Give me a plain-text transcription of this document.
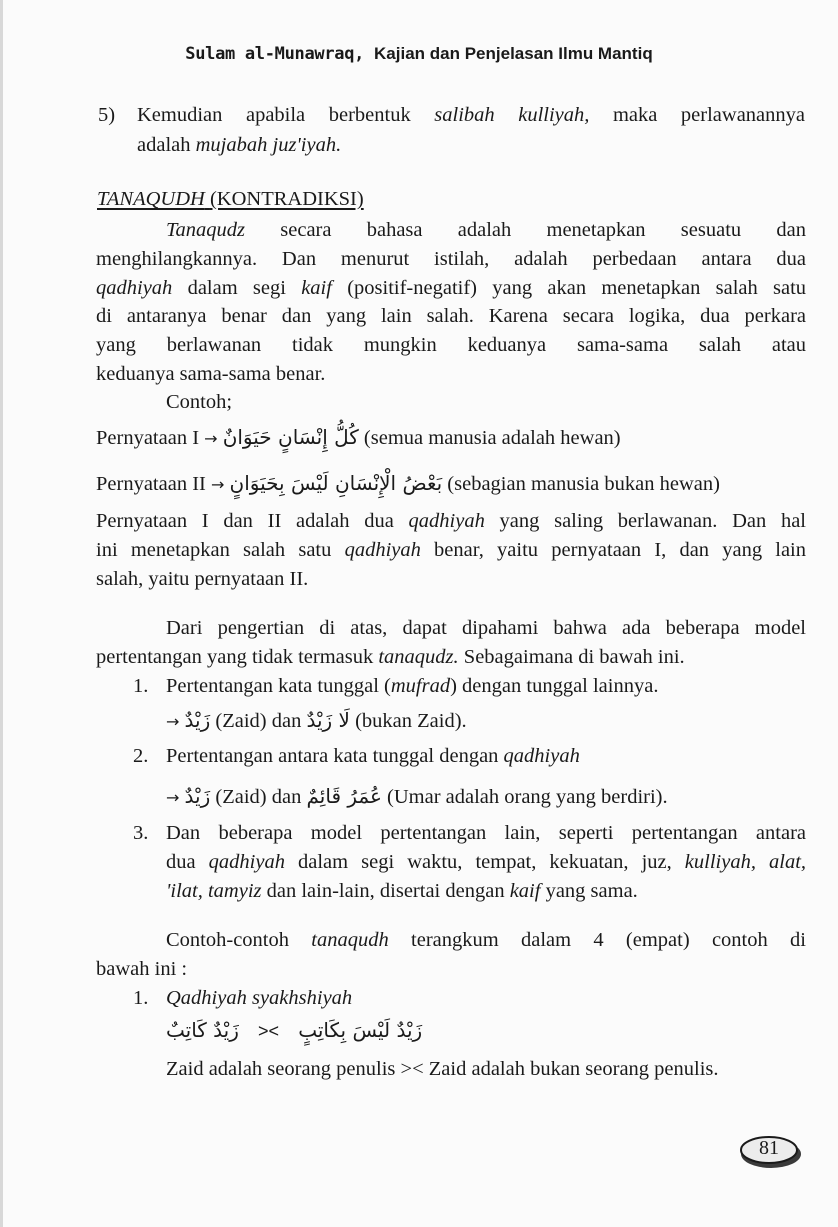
Sulam al-Munawraq, Kajian dan Penjelasan Ilmu Mantiq
5) Kemudian apabila berbentuk salibah kulliyah, maka perlawanannya
adalah mujabah juz'iyah.
TANAQUDH (KONTRADIKSI)
Tanaqudz secara bahasa adalah menetapkan sesuatu dan
menghilangkannya. Dan menurut istilah, adalah perbedaan antara dua
qadhiyah dalam segi kaif (positif-negatif) yang akan menetapkan salah satu
di antaranya benar dan yang lain salah. Karena secara logika, dua perkara
yang berlawanan tidak mungkin keduanya sama-sama salah atau
keduanya sama-sama benar.
Contoh;
Pernyataan I → كُلُّ إِنْسَانٍ حَيَوَانٌ (semua manusia adalah hewan)
Pernyataan II → بَعْضُ الْإِنْسَانِ لَيْسَ بِحَيَوَانٍ (sebagian manusia bukan hewan)
Pernyataan I dan II adalah dua qadhiyah yang saling berlawanan. Dan hal
ini menetapkan salah satu qadhiyah benar, yaitu pernyataan I, dan yang lain
salah, yaitu pernyataan II.
Dari pengertian di atas, dapat dipahami bahwa ada beberapa model
pertentangan yang tidak termasuk tanaqudz. Sebagaimana di bawah ini.
1. Pertentangan kata tunggal (mufrad) dengan tunggal lainnya.
→ زَيْدٌ (Zaid) dan لَا زَيْدٌ (bukan Zaid).
2. Pertentangan antara kata tunggal dengan qadhiyah
→ زَيْدٌ (Zaid) dan عُمَرُ قَائِمٌ (Umar adalah orang yang berdiri).
3. Dan beberapa model pertentangan lain, seperti pertentangan antara
dua qadhiyah dalam segi waktu, tempat, kekuatan, juz, kulliyah, alat,
'ilat, tamyiz dan lain-lain, disertai dengan kaif yang sama.
Contoh-contoh tanaqudh terangkum dalam 4 (empat) contoh di
bawah ini :
1. Qadhiyah syakhshiyah
زَيْدٌ كَاتِبٌ >< زَيْدٌ لَيْسَ بِكَاتِبٍ
Zaid adalah seorang penulis >< Zaid adalah bukan seorang penulis.
81
